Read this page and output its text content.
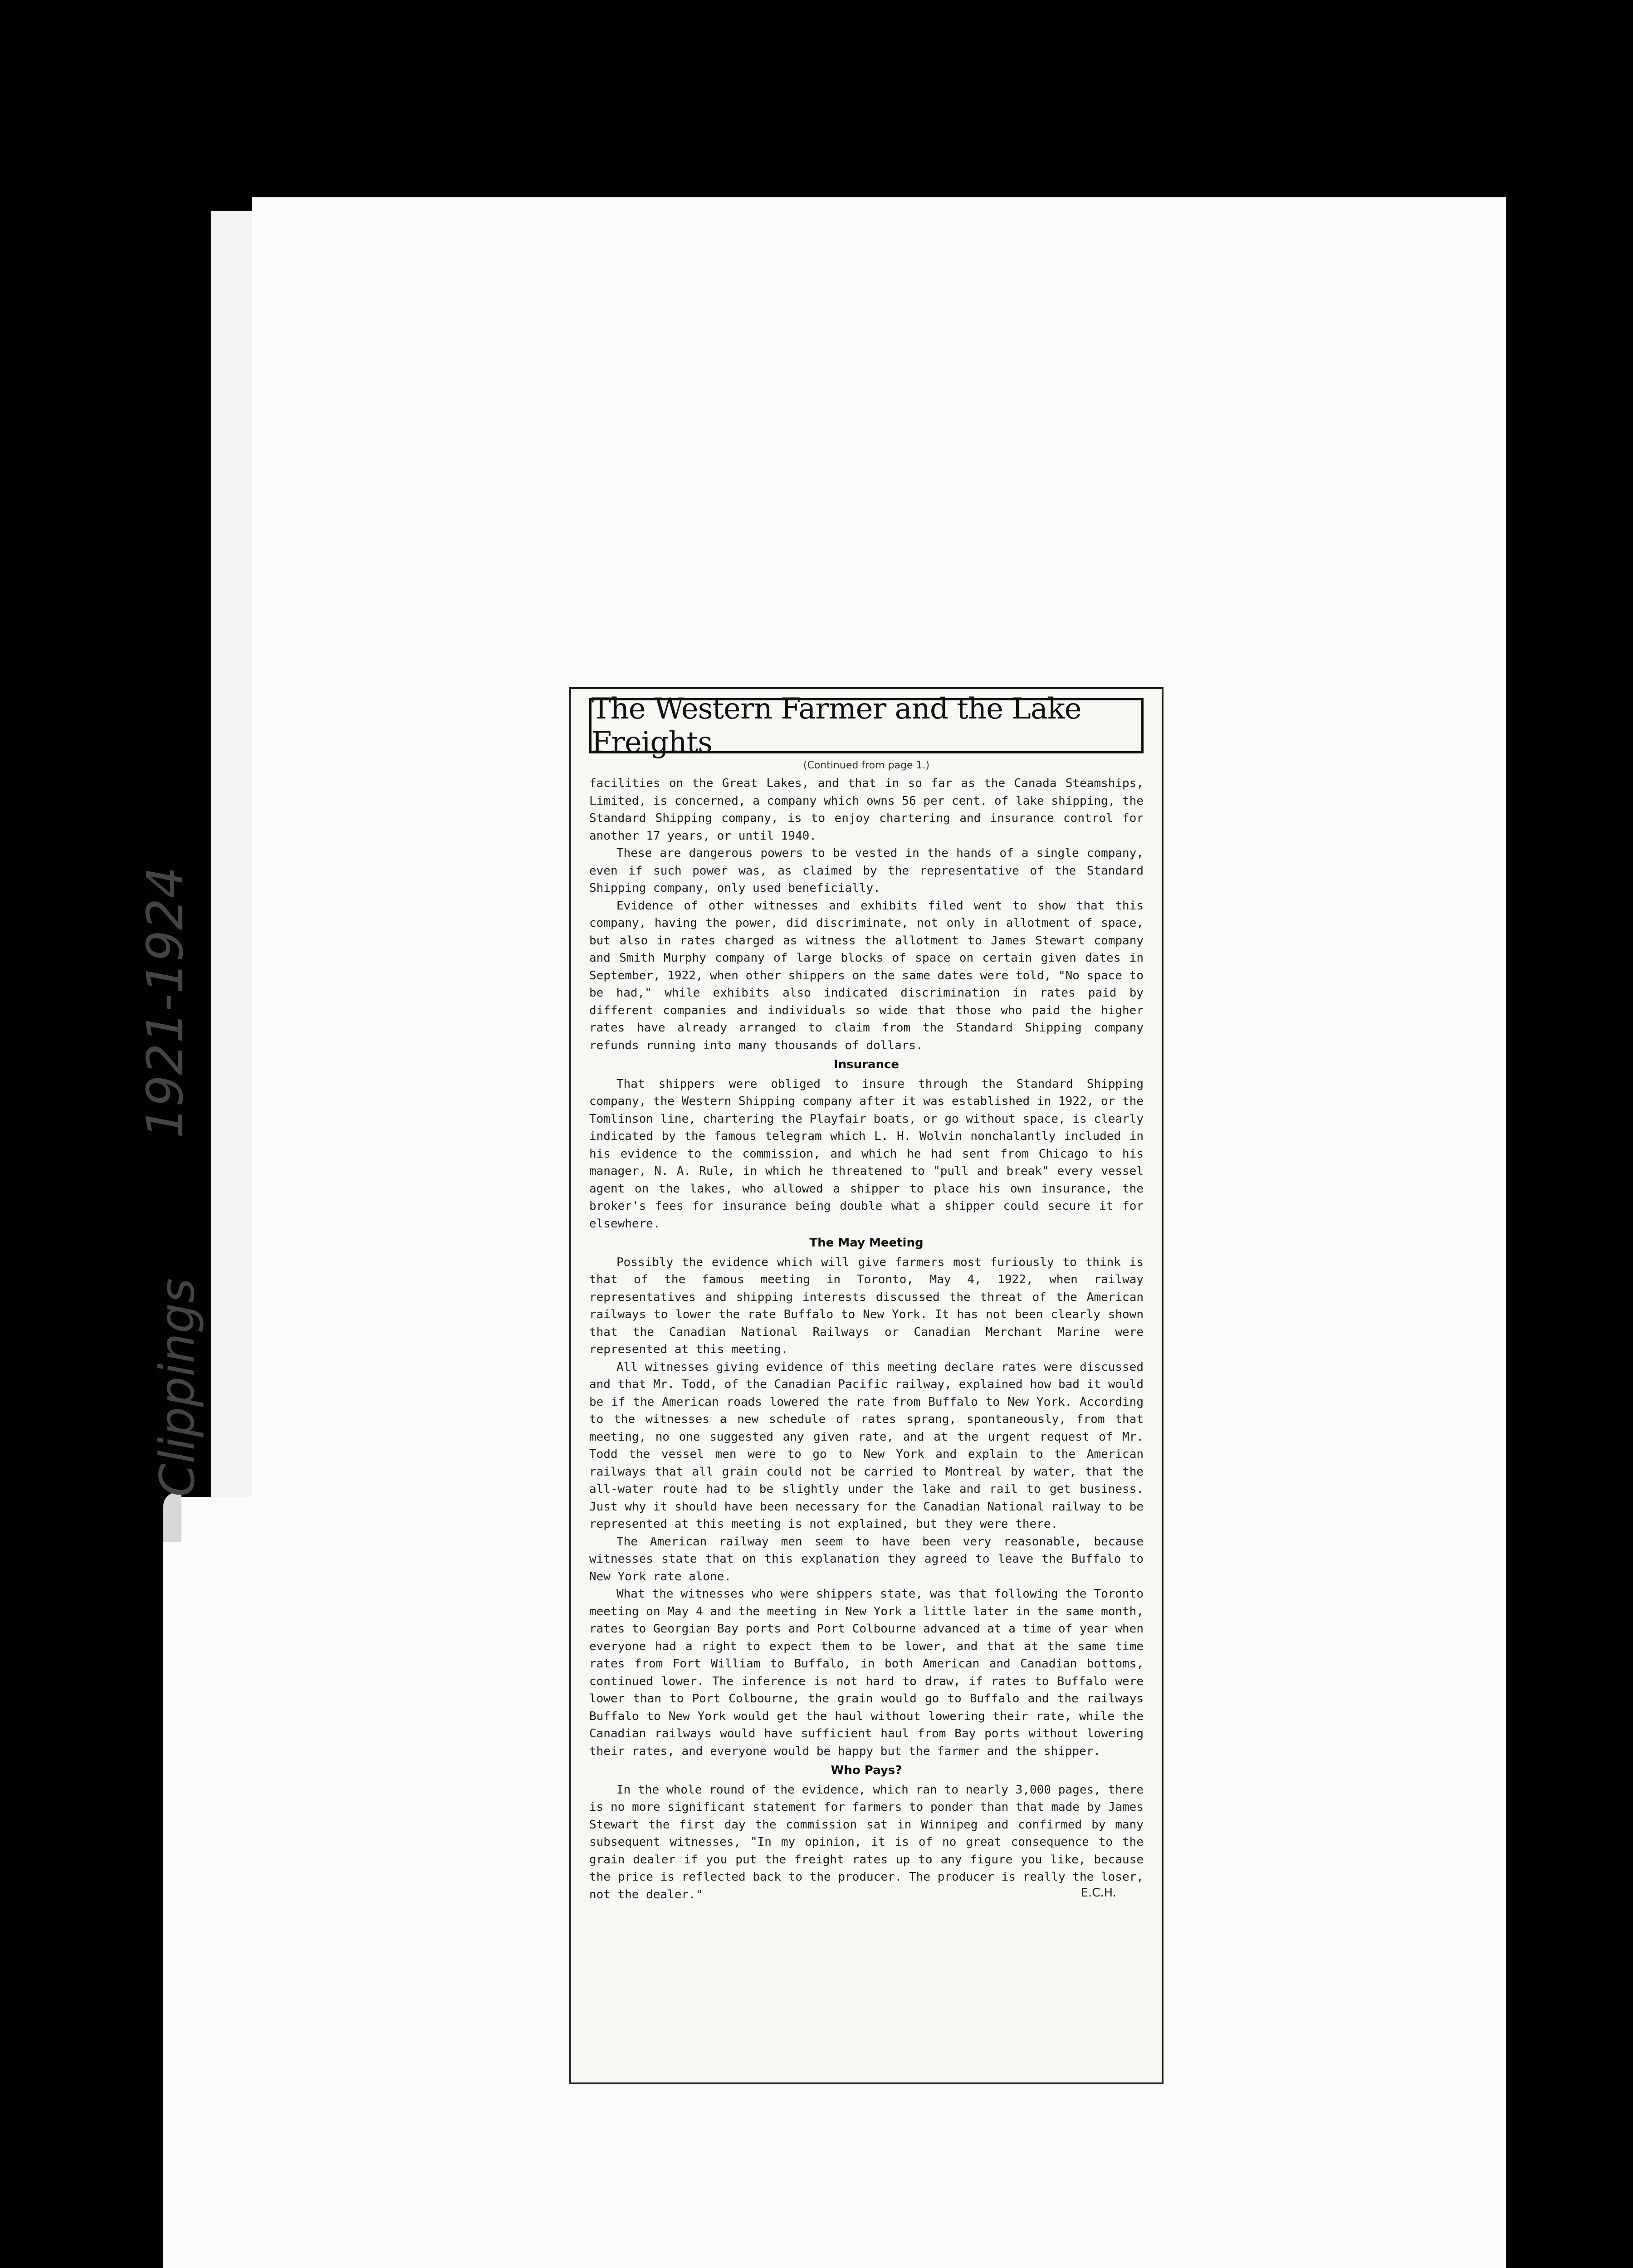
1921-1924
Clippings
The Western Farmer and the Lake Freights
(Continued from page 1.)

facilities on the Great Lakes, and that in so far as the Canada Steamships, Limited, is concerned, a company which owns 56 per cent. of lake shipping, the Standard Shipping company, is to enjoy chartering and insurance control for another 17 years, or until 1940.

These are dangerous powers to be vested in the hands of a single company, even if such power was, as claimed by the representative of the Standard Shipping company, only used beneficially.

Evidence of other witnesses and exhibits filed went to show that this company, having the power, did discriminate, not only in allotment of space, but also in rates charged as witness the allotment to James Stewart company and Smith Murphy company of large blocks of space on certain given dates in September, 1922, when other shippers on the same dates were told, "No space to be had," while exhibits also indicated discrimination in rates paid by different companies and individuals so wide that those who paid the higher rates have already arranged to claim from the Standard Shipping company refunds running into many thousands of dollars.

Insurance

That shippers were obliged to insure through the Standard Shipping company, the Western Shipping company after it was established in 1922, or the Tomlinson line, chartering the Playfair boats, or go without space, is clearly indicated by the famous telegram which L. H. Wolvin nonchalantly included in his evidence to the commission, and which he had sent from Chicago to his manager, N. A. Rule, in which he threatened to "pull and break" every vessel agent on the lakes, who allowed a shipper to place his own insurance, the broker's fees for insurance being double what a shipper could secure it for elsewhere.

The May Meeting

Possibly the evidence which will give farmers most furiously to think is that of the famous meeting in Toronto, May 4, 1922, when railway representatives and shipping interests discussed the threat of the American railways to lower the rate Buffalo to New York. It has not been clearly shown that the Canadian National Railways or Canadian Merchant Marine were represented at this meeting.

All witnesses giving evidence of this meeting declare rates were discussed and that Mr. Todd, of the Canadian Pacific railway, explained how bad it would be if the American roads lowered the rate from Buffalo to New York. According to the witnesses a new schedule of rates sprang, spontaneously, from that meeting, no one suggested any given rate, and at the urgent request of Mr. Todd the vessel men were to go to New York and explain to the American railways that all grain could not be carried to Montreal by water, that the all-water route had to be slightly under the lake and rail to get business. Just why it should have been necessary for the Canadian National railway to be represented at this meeting is not explained, but they were there.

The American railway men seem to have been very reasonable, because witnesses state that on this explanation they agreed to leave the Buffalo to New York rate alone.

What the witnesses who were shippers state, was that following the Toronto meeting on May 4 and the meeting in New York a little later in the same month, rates to Georgian Bay ports and Port Colbourne advanced at a time of year when everyone had a right to expect them to be lower, and that at the same time rates from Fort William to Buffalo, in both American and Canadian bottoms, continued lower. The inference is not hard to draw, if rates to Buffalo were lower than to Port Colbourne, the grain would go to Buffalo and the railways Buffalo to New York would get the haul without lowering their rate, while the Canadian railways would have sufficient haul from Bay ports without lowering their rates, and everyone would be happy but the farmer and the shipper.

Who Pays?

In the whole round of the evidence, which ran to nearly 3,000 pages, there is no more significant statement for farmers to ponder than that made by James Stewart the first day the commission sat in Winnipeg and confirmed by many subsequent witnesses, "In my opinion, it is of no great consequence to the grain dealer if you put the freight rates up to any figure you like, because the price is reflected back to the producer. The producer is really the loser, not the dealer."	E.C.H.
